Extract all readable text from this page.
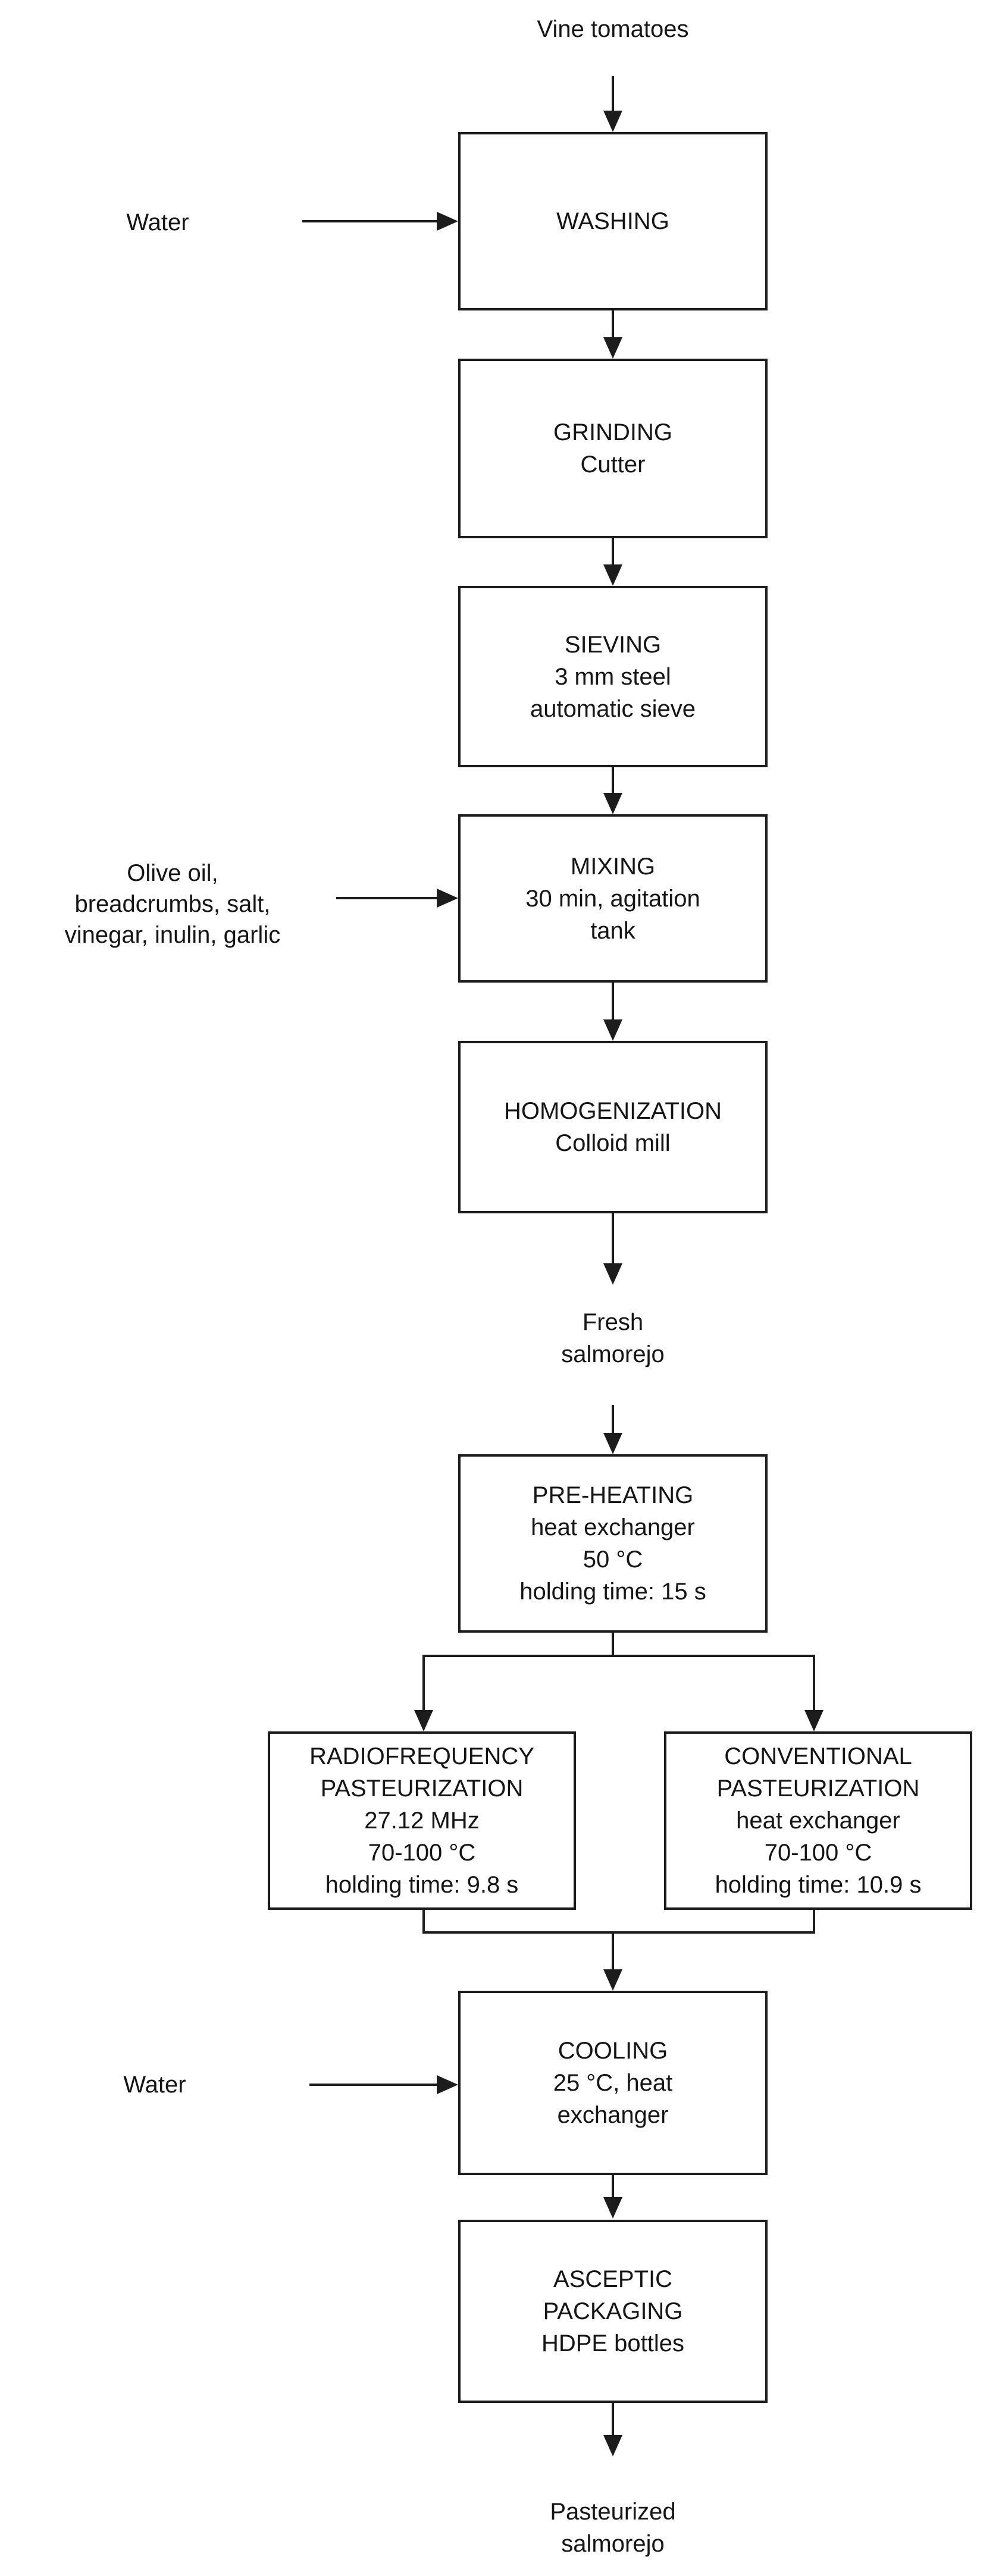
Vine tomatoes
WASHING
Water
GRINDING
Cutter
SIEVING
3 mm steel
automatic sieve
Olive oil,
breadcrumbs, salt,
vinegar, inulin, garlic
MIXING
30 min, agitation
tank
HOMOGENIZATION
Colloid mill
Fresh
salmorejo
PRE-HEATING
heat exchanger
50 °C
holding time: 15 s
RADIOFREQUENCY
PASTEURIZATION
27.12 MHz
70-100 °C
holding time: 9.8 s
CONVENTIONAL
PASTEURIZATION
heat exchanger
70-100 °C
holding time: 10.9 s
COOLING
25 °C, heat
exchanger
Water
ASCEPTIC
PACKAGING
HDPE bottles
Pasteurized
salmorejo
